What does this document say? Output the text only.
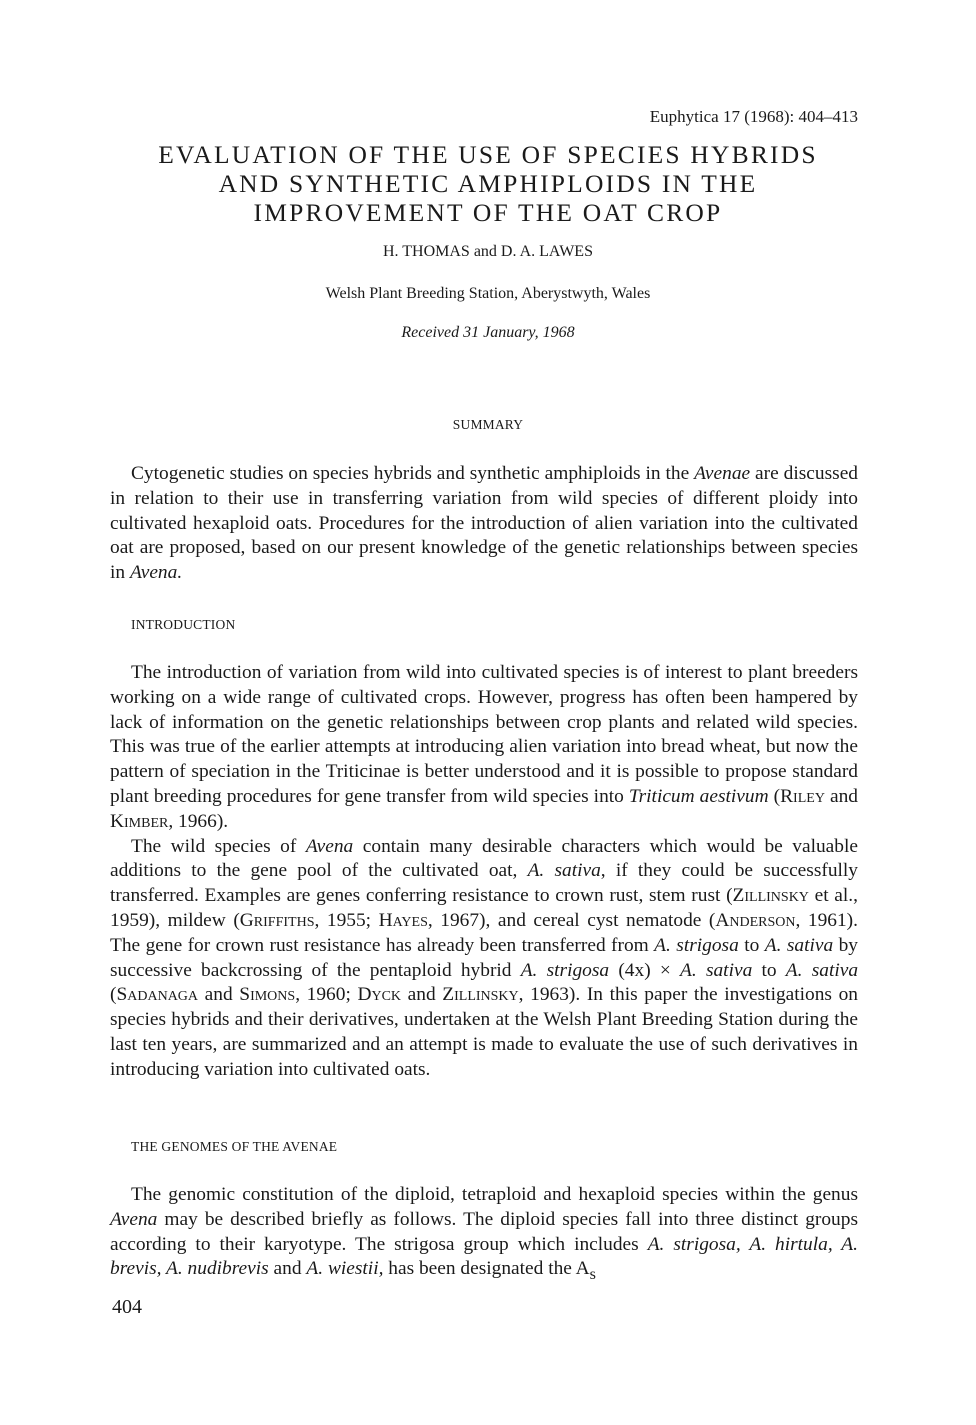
Euphytica 17 (1968): 404–413
EVALUATION OF THE USE OF SPECIES HYBRIDS
AND SYNTHETIC AMPHIPLOIDS IN THE
IMPROVEMENT OF THE OAT CROP
H. THOMAS and D. A. LAWES
Welsh Plant Breeding Station, Aberystwyth, Wales
Received 31 January, 1968
SUMMARY

Cytogenetic studies on species hybrids and synthetic amphiploids in the Avenae are discussed in relation to their use in transferring variation from wild species of different ploidy into cultivated hexaploid oats. Procedures for the introduction of alien variation into the cultivated oat are proposed, based on our present knowledge of the genetic relationships between species in Avena.

INTRODUCTION

The introduction of variation from wild into cultivated species is of interest to plant breeders working on a wide range of cultivated crops. However, progress has often been hampered by lack of information on the genetic relationships between crop plants and related wild species. This was true of the earlier attempts at introducing alien variation into bread wheat, but now the pattern of speciation in the Triticinae is better understood and it is possible to propose standard plant breeding procedures for gene transfer from wild species into Triticum aestivum (Riley and Kimber, 1966).

The wild species of Avena contain many desirable characters which would be valuable additions to the gene pool of the cultivated oat, A. sativa, if they could be successfully transferred. Examples are genes conferring resistance to crown rust, stem rust (Zillinsky et al., 1959), mildew (Griffiths, 1955; Hayes, 1967), and cereal cyst nematode (Anderson, 1961). The gene for crown rust resistance has already been transferred from A. strigosa to A. sativa by successive backcrossing of the pentaploid hybrid A. strigosa (4x) × A. sativa to A. sativa (Sadanaga and Simons, 1960; Dyck and Zillinsky, 1963). In this paper the investigations on species hybrids and their derivatives, undertaken at the Welsh Plant Breeding Station during the last ten years, are summarized and an attempt is made to evaluate the use of such derivatives in introducing variation into cultivated oats.

THE GENOMES OF THE AVENAE

The genomic constitution of the diploid, tetraploid and hexaploid species within the genus Avena may be described briefly as follows. The diploid species fall into three distinct groups according to their karyotype. The strigosa group which includes A. strigosa, A. hirtula, A. brevis, A. nudibrevis and A. wiestii, has been designated the $A_s$

404
